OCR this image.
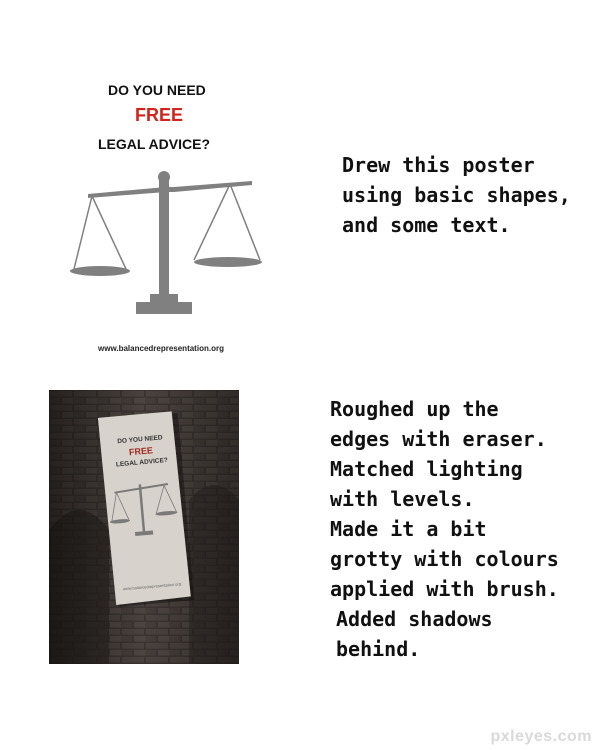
DO YOU NEED
FREE
LEGAL ADVICE?
www.balancedrepresentation.org
Drew this poster
using basic shapes,
and some text.
DO YOU NEED
FREE
LEGAL ADVICE?
www.balancedrepresentation.org
Roughed up the
edges with eraser.
Matched lighting
with levels.
Made it a bit
grotty with colours
applied with brush.
Added shadows
behind.
pxleyes.com
